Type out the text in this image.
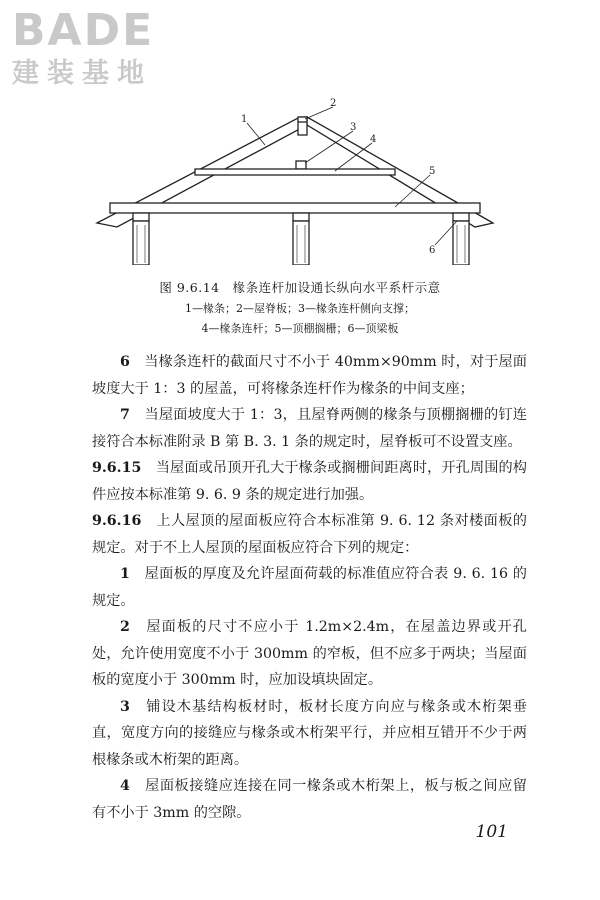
BADE
建装基地
1
2
3
4
5
6
图 9.6.14　椽条连杆加设通长纵向水平系杆示意
1—椽条；2—屋脊板；3—椽条连杆侧向支撑；
4—椽条连杆；5—顶棚搁栅；6—顶梁板

6　 当椽条连杆的截面尺寸不小于 40mm×90mm 时，对于屋面坡度大于 1：3 的屋盖，可将椽条连杆作为椽条的中间支座；

7　 当屋面坡度大于 1：3，且屋脊两侧的椽条与顶棚搁栅的钉连接符合本标准附录 B 第 B. 3. 1 条的规定时，屋脊板可不设置支座。

9.6.15　 当屋面或吊顶开孔大于椽条或搁栅间距离时，开孔周围的构件应按本标准第 9. 6. 9 条的规定进行加强。

9.6.16　 上人屋顶的屋面板应符合本标准第 9. 6. 12 条对楼面板的规定。对于不上人屋顶的屋面板应符合下列的规定：

1　 屋面板的厚度及允许屋面荷载的标准值应符合表 9. 6. 16 的规定。

2　 屋面板的尺寸不应小于 1.2m×2.4m，在屋盖边界或开孔处，允许使用宽度不小于 300mm 的窄板，但不应多于两块；当屋面板的宽度小于 300mm 时，应加设填块固定。

3　 铺设木基结构板材时，板材长度方向应与椽条或木桁架垂直，宽度方向的接缝应与椽条或木桁架平行，并应相互错开不少于两根椽条或木桁架的距离。

4　 屋面板接缝应连接在同一椽条或木桁架上，板与板之间应留有不小于 3mm 的空隙。

101
